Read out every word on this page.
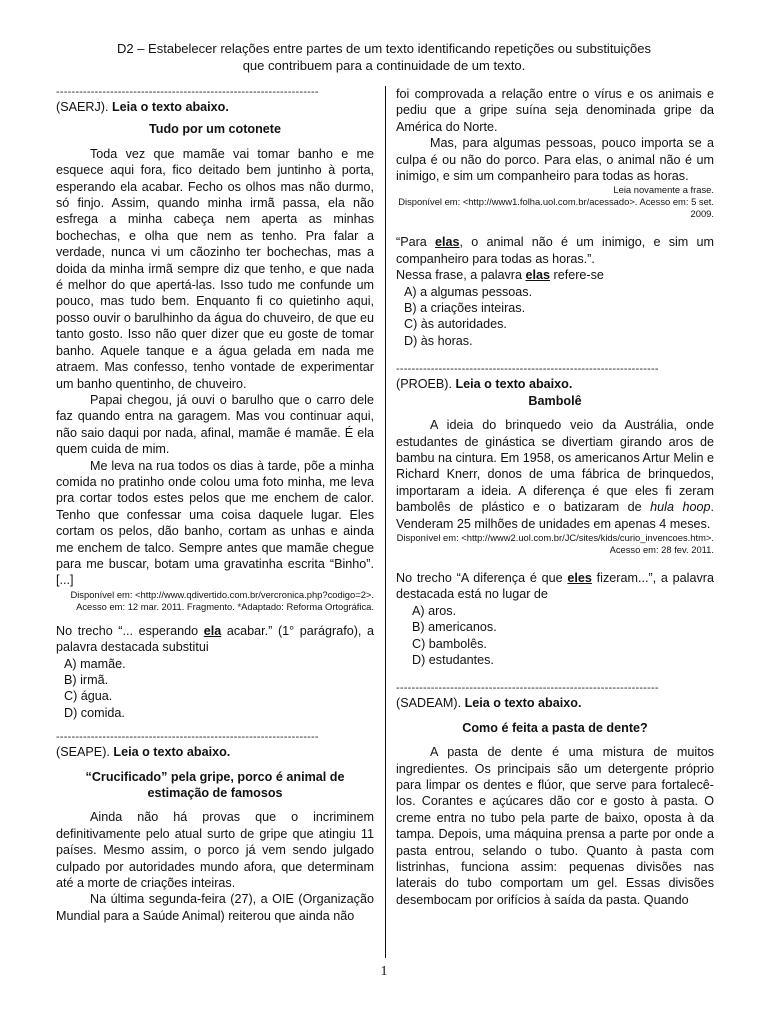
D2 – Estabelecer relações entre partes de um texto identificando repetições ou substituições
que contribuem para a continuidade de um texto.
--------------------------------------------------------------------

(SAERJ). Leia o texto abaixo.

Tudo por um cotonete

Toda vez que mamãe vai tomar banho e me esquece aqui fora, fico deitado bem juntinho à porta, esperando ela acabar. Fecho os olhos mas não durmo, só finjo. Assim, quando minha irmã passa, ela não esfrega a minha cabeça nem aperta as minhas bochechas, e olha que nem as tenho. Pra falar a verdade, nunca vi um cãozinho ter bochechas, mas a doida da minha irmã sempre diz que tenho, e que nada é melhor do que apertá-las. Isso tudo me confunde um pouco, mas tudo bem. Enquanto fi co quietinho aqui, posso ouvir o barulhinho da água do chuveiro, de que eu tanto gosto. Isso não quer dizer que eu goste de tomar banho. Aquele tanque e a água gelada em nada me atraem. Mas confesso, tenho vontade de experimentar um banho quentinho, de chuveiro.

Papai chegou, já ouvi o barulho que o carro dele faz quando entra na garagem. Mas vou continuar aqui, não saio daqui por nada, afinal, mamãe é mamãe. É ela quem cuida de mim.

Me leva na rua todos os dias à tarde, põe a minha comida no pratinho onde colou uma foto minha, me leva pra cortar todos estes pelos que me enchem de calor. Tenho que confessar uma coisa daquele lugar. Eles cortam os pelos, dão banho, cortam as unhas e ainda me enchem de talco. Sempre antes que mamãe chegue para me buscar, botam uma gravatinha escrita “Binho”. [...]

Disponível em: <http://www.qdivertido.com.br/vercronica.php?codigo=2>. Acesso em: 12 mar. 2011. Fragmento. *Adaptado: Reforma Ortográfica.

No trecho “... esperando ela acabar.” (1° parágrafo), a palavra destacada substitui

A) mamãe.

B) irmã.

C) água.

D) comida.

--------------------------------------------------------------------

(SEAPE). Leia o texto abaixo.

“Crucificado” pela gripe, porco é animal de estimação de famosos

Ainda não há provas que o incriminem definitivamente pelo atual surto de gripe que atingiu 11 países. Mesmo assim, o porco já vem sendo julgado culpado por autoridades mundo afora, que determinam até a morte de criações inteiras.

Na última segunda-feira (27), a OIE (Organização Mundial para a Saúde Animal) reiterou que ainda não

foi comprovada a relação entre o vírus e os animais e pediu que a gripe suína seja denominada gripe da América do Norte.

Mas, para algumas pessoas, pouco importa se a culpa é ou não do porco. Para elas, o animal não é um inimigo, e sim um companheiro para todas as horas.

Leia novamente a frase.

Disponível em: <http://www1.folha.uol.com.br/acessado>. Acesso em: 5 set. 2009.

“Para elas, o animal não é um inimigo, e sim um companheiro para todas as horas.”.

Nessa frase, a palavra elas refere-se

A) a algumas pessoas.

B) a criações inteiras.

C) às autoridades.

D) às horas.

--------------------------------------------------------------------

(PROEB). Leia o texto abaixo.

Bambolê

A ideia do brinquedo veio da Austrália, onde estudantes de ginástica se divertiam girando aros de bambu na cintura. Em 1958, os americanos Artur Melin e Richard Knerr, donos de uma fábrica de brinquedos, importaram a ideia. A diferença é que eles fi zeram bambolês de plástico e o batizaram de hula hoop. Venderam 25 milhões de unidades em apenas 4 meses.

Disponível em: <http://www2.uol.com.br/JC/sites/kids/curio_invencoes.htm>. Acesso em: 28 fev. 2011.

No trecho “A diferença é que eles fizeram...”, a palavra destacada está no lugar de

A) aros.

B) americanos.

C) bambolês.

D) estudantes.

--------------------------------------------------------------------

(SADEAM). Leia o texto abaixo.

Como é feita a pasta de dente?

A pasta de dente é uma mistura de muitos ingredientes. Os principais são um detergente próprio para limpar os dentes e flúor, que serve para fortalecê-los. Corantes e açúcares dão cor e gosto à pasta. O creme entra no tubo pela parte de baixo, oposta à da tampa. Depois, uma máquina prensa a parte por onde a pasta entrou, selando o tubo. Quanto à pasta com listrinhas, funciona assim: pequenas divisões nas laterais do tubo comportam um gel. Essas divisões desembocam por orifícios à saída da pasta. Quando

1
